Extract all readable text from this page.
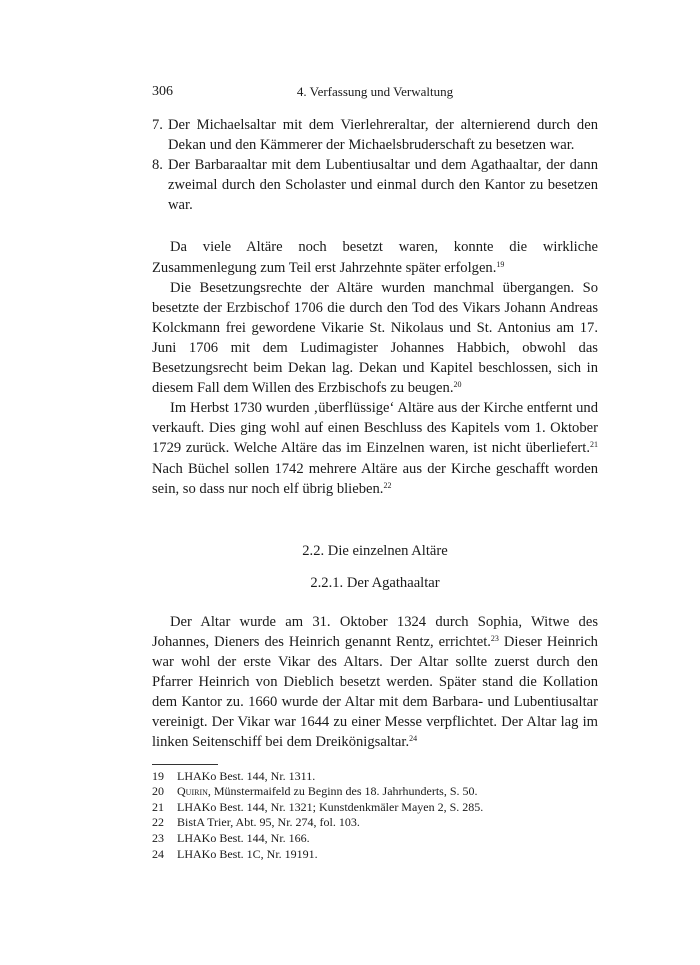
306	4. Verfassung und Verwaltung
7. Der Michaelsaltar mit dem Vierlehreraltar, der alternierend durch den Dekan und den Kämmerer der Michaelsbruderschaft zu besetzen war.
8. Der Barbaraaltar mit dem Lubentiusaltar und dem Agathaaltar, der dann zweimal durch den Scholaster und einmal durch den Kantor zu besetzen war.

Da viele Altäre noch besetzt waren, konnte die wirkliche Zusammenlegung zum Teil erst Jahrzehnte später erfolgen.$^{19}$

Die Besetzungsrechte der Altäre wurden manchmal übergangen. So besetzte der Erzbischof 1706 die durch den Tod des Vikars Johann Andreas Kolckmann frei gewordene Vikarie St. Nikolaus und St. Antonius am 17. Juni 1706 mit dem Ludimagister Johannes Habbich, obwohl das Besetzungsrecht beim Dekan lag. Dekan und Kapitel beschlossen, sich in diesem Fall dem Willen des Erzbischofs zu beugen.$^{20}$

Im Herbst 1730 wurden ‚überflüssige‘ Altäre aus der Kirche entfernt und verkauft. Dies ging wohl auf einen Beschluss des Kapitels vom 1. Oktober 1729 zurück. Welche Altäre das im Einzelnen waren, ist nicht überliefert.$^{21}$ Nach Büchel sollen 1742 mehrere Altäre aus der Kirche geschafft worden sein, so dass nur noch elf übrig blieben.$^{22}$

2.2. Die einzelnen Altäre

2.2.1. Der Agathaaltar

Der Altar wurde am 31. Oktober 1324 durch Sophia, Witwe des Johannes, Dieners des Heinrich genannt Rentz, errichtet.$^{23}$ Dieser Heinrich war wohl der erste Vikar des Altars. Der Altar sollte zuerst durch den Pfarrer Heinrich von Dieblich besetzt werden. Später stand die Kollation dem Kantor zu. 1660 wurde der Altar mit dem Barbara- und Lubentiusaltar vereinigt. Der Vikar war 1644 zu einer Messe verpflichtet. Der Altar lag im linken Seitenschiff bei dem Dreikönigsaltar.$^{24}$

19 LHAKo Best. 144, Nr. 1311.
20 Quirin, Münstermaifeld zu Beginn des 18. Jahrhunderts, S. 50.
21 LHAKo Best. 144, Nr. 1321; Kunstdenkmäler Mayen 2, S. 285.
22 BistA Trier, Abt. 95, Nr. 274, fol. 103.
23 LHAKo Best. 144, Nr. 166.
24 LHAKo Best. 1C, Nr. 19191.
